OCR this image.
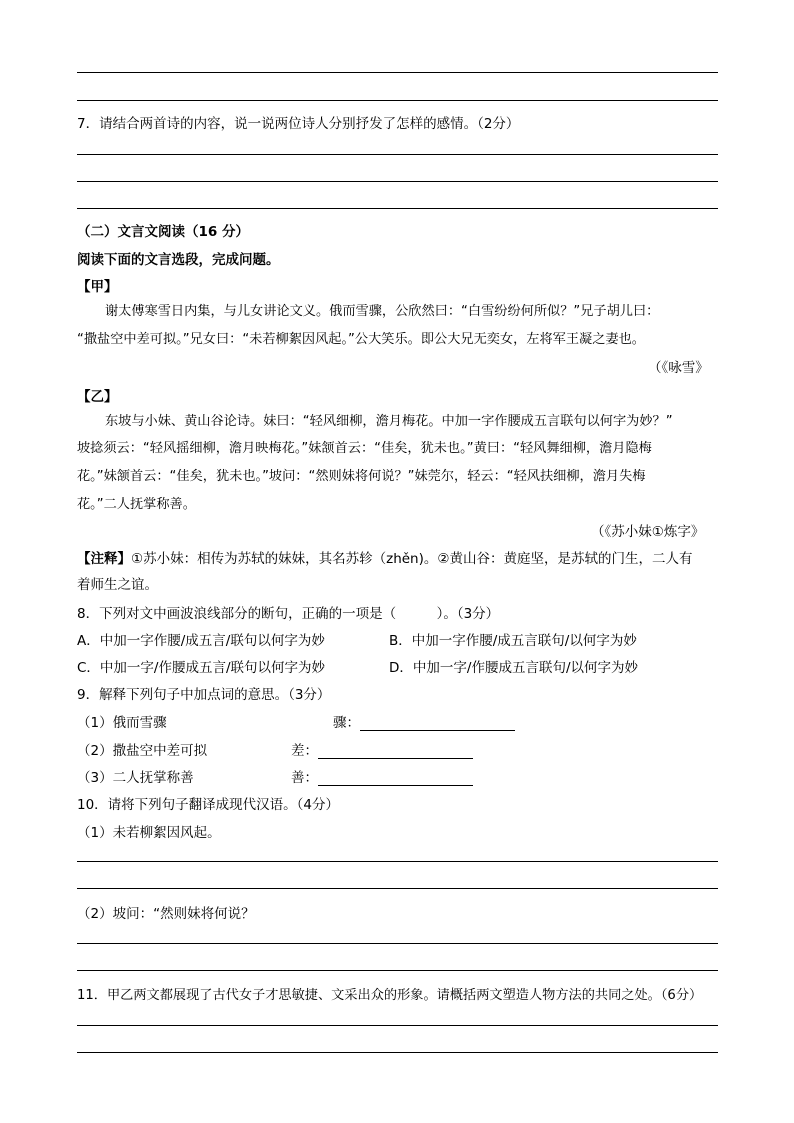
7．请结合两首诗的内容，说一说两位诗人分别抒发了怎样的感情。（2分）
（二）文言文阅读（16 分）
阅读下面的文言选段，完成问题。
【甲】
谢太傅寒雪日内集，与儿女讲论文义。俄而雪骤，公欣然曰：“白雪纷纷何所似？”兄子胡儿曰：
“撒盐空中差可拟。”兄女曰：“未若柳絮因风起。”公大笑乐。即公大兄无奕女，左将军王凝之妻也。
（《咏雪》
【乙】
东坡与小妹、黄山谷论诗。妹曰：“轻风细柳，澹月梅花。中加一字作腰成五言联句以何字为妙？”
坡捻须云：“轻风摇细柳，澹月映梅花。”妹颔首云：“佳矣，犹未也。”黄曰：“轻风舞细柳，澹月隐梅
花。”妹颔首云：“佳矣，犹未也。”坡问：“然则妹将何说？”妹莞尔，轻云：“轻风扶细柳，澹月失梅
花。”二人抚掌称善。
（《苏小妹①炼字》
【注释】①苏小妹：相传为苏轼的妹妹，其名苏轸（zhěn)。②黄山谷：黄庭坚，是苏轼的门生，二人有
着师生之谊。
8．下列对文中画波浪线部分的断句，正确的一项是（　　　）。（3分）
A．中加一字作腰/成五言/联句以何字为妙	B．中加一字作腰/成五言联句/以何字为妙
C．中加一字/作腰成五言/联句以何字为妙	D．中加一字/作腰成五言联句/以何字为妙
9．解释下列句子中加点词的意思。（3分）
（1）俄而雪骤	骤：
（2）撒盐空中差可拟	差：
（3）二人抚掌称善	善：
10．请将下列句子翻译成现代汉语。（4分）
（1）未若柳絮因风起。
（2）坡问：“然则妹将何说？
11．甲乙两文都展现了古代女子才思敏捷、文采出众的形象。请概括两文塑造人物方法的共同之处。（6分）
